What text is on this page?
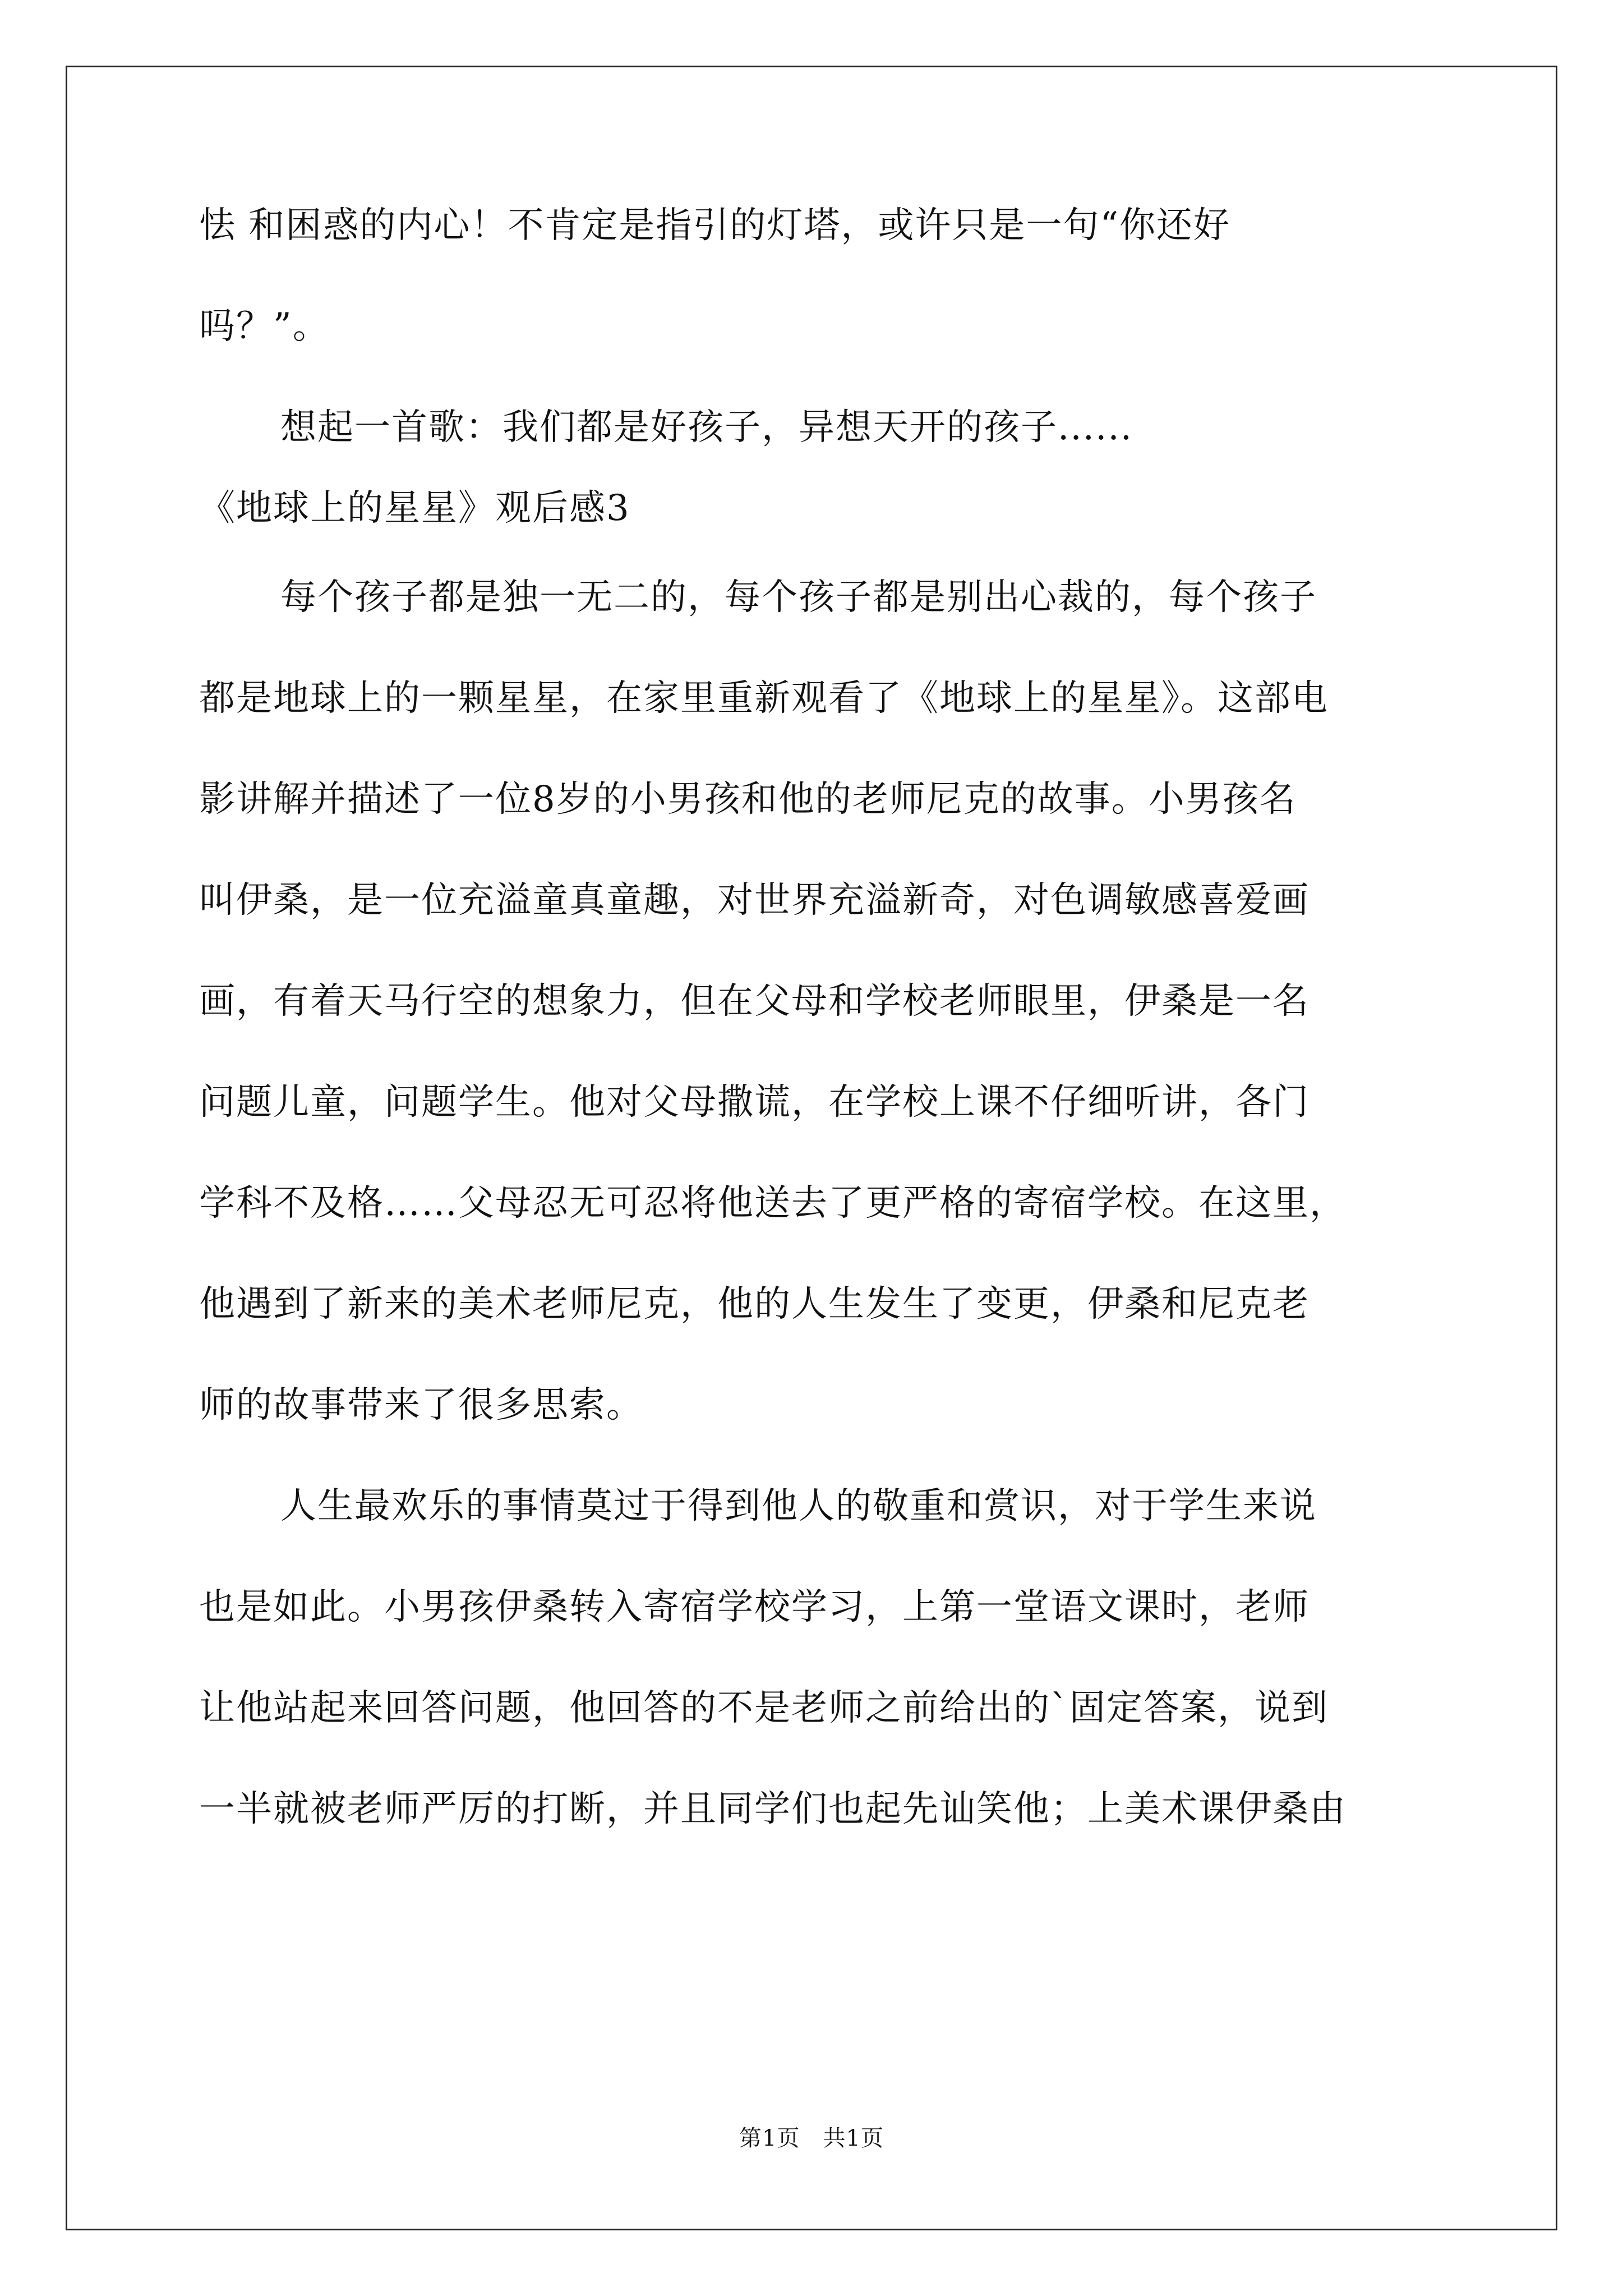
怯 和困惑的内心！不肯定是指引的灯塔，或许只是一句“你还好
吗？”。
想起一首歌：我们都是好孩子，异想天开的孩子......
《地球上的星星》观后感3
每个孩子都是独一无二的，每个孩子都是别出心裁的，每个孩子
都是地球上的一颗星星，在家里重新观看了《地球上的星星》。这部电
影讲解并描述了一位8岁的小男孩和他的老师尼克的故事。小男孩名
叫伊桑，是一位充溢童真童趣，对世界充溢新奇，对色调敏感喜爱画
画，有着天马行空的想象力，但在父母和学校老师眼里，伊桑是一名
问题儿童，问题学生。他对父母撒谎，在学校上课不仔细听讲，各门
学科不及格……父母忍无可忍将他送去了更严格的寄宿学校。在这里，
他遇到了新来的美术老师尼克，他的人生发生了变更，伊桑和尼克老
师的故事带来了很多思索。
人生最欢乐的事情莫过于得到他人的敬重和赏识，对于学生来说
也是如此。小男孩伊桑转入寄宿学校学习，上第一堂语文课时，老师
让他站起来回答问题，他回答的不是老师之前给出的`固定答案，说到
一半就被老师严厉的打断，并且同学们也起先讪笑他；上美术课伊桑由
第1页　共1页
